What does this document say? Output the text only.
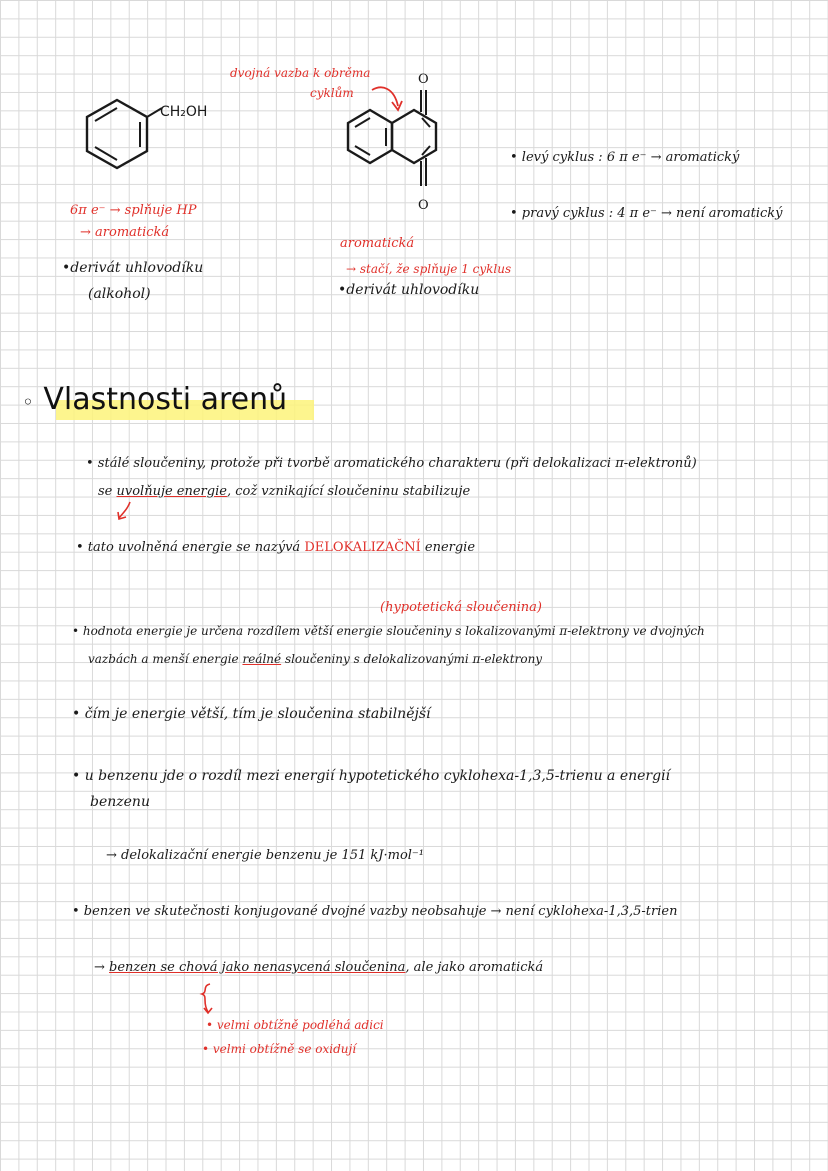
CH₂OH
6π e⁻ → splňuje HP
→ aromatická
•derivát uhlovodíku
(alkohol)
dvojná vazba k obrěma
cyklům
O
O
aromatická
→ stačí, že splňuje 1 cyklus
•derivát uhlovodíku
• levý cyklus : 6 π e⁻ → aromatický
• pravý cyklus : 4 π e⁻ → není aromatický
◦ Vlastnosti arenů
• stálé sloučeniny, protože při tvorbě aromatického charakteru (při delokalizaci π-elektronů)
se uvolňuje energie, což vznikající sloučeninu stabilizuje
• tato uvolněná energie se nazývá DELOKALIZAČNÍ energie
(hypotetická sloučenina)
• hodnota energie je určena rozdílem větší energie sloučeniny s lokalizovanými π-elektrony ve dvojných
vazbách a menší energie reálné sloučeniny s delokalizovanými π-elektrony
• čím je energie větší, tím je sloučenina stabilnější
• u benzenu jde o rozdíl mezi energií hypotetického cyklohexa-1,3,5-trienu a energií
benzenu
→ delokalizační energie benzenu je 151 kJ·mol⁻¹
• benzen ve skutečnosti konjugované dvojné vazby neobsahuje → není cyklohexa-1,3,5-trien
→ benzen se chová jako nenasycená sloučenina, ale jako aromatická
• velmi obtížně podléhá adici
• velmi obtížně se oxidují
